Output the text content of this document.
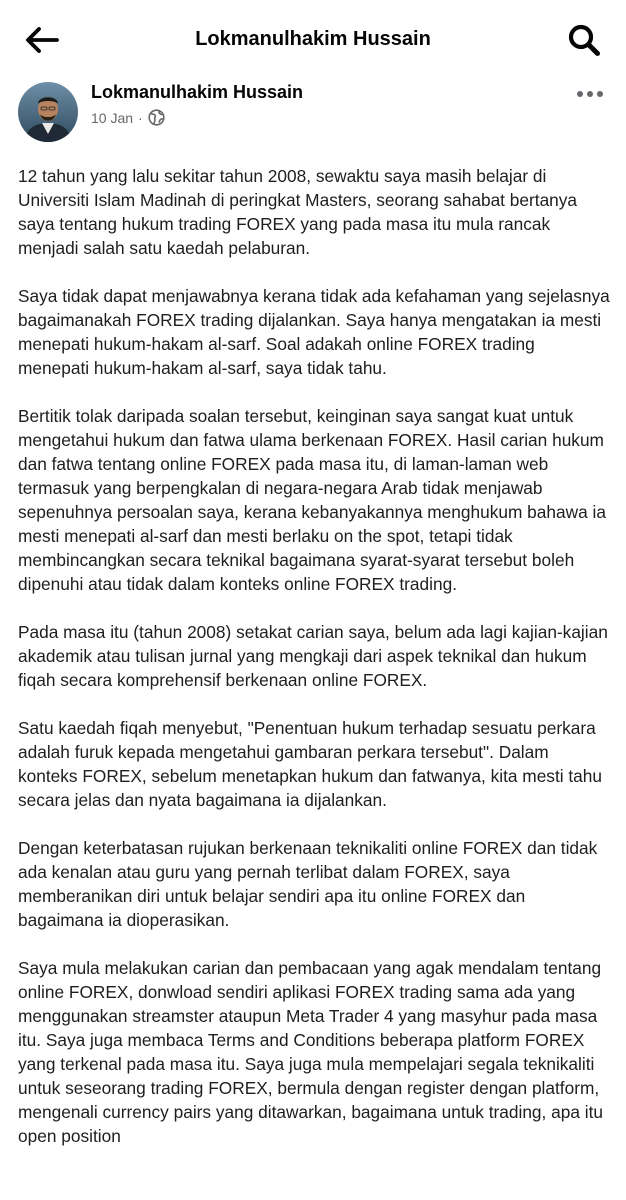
Lokmanulhakim Hussain
Lokmanulhakim Hussain
10 Jan ·

12 tahun yang lalu sekitar tahun 2008, sewaktu saya masih belajar di Universiti Islam Madinah di peringkat Masters, seorang sahabat bertanya saya tentang hukum trading FOREX yang pada masa itu mula rancak menjadi salah satu kaedah pelaburan.

Saya tidak dapat menjawabnya kerana tidak ada kefahaman yang sejelasnya bagaimanakah FOREX trading dijalankan. Saya hanya mengatakan ia mesti menepati hukum-hakam al-sarf. Soal adakah online FOREX trading menepati hukum-hakam al-sarf, saya tidak tahu.

Bertitik tolak daripada soalan tersebut, keinginan saya sangat kuat untuk mengetahui hukum dan fatwa ulama berkenaan FOREX. Hasil carian hukum dan fatwa tentang online FOREX pada masa itu, di laman-laman web termasuk yang berpengkalan di negara-negara Arab tidak menjawab sepenuhnya persoalan saya, kerana kebanyakannya menghukum bahawa ia mesti menepati al-sarf dan mesti berlaku on the spot, tetapi tidak membincangkan secara teknikal bagaimana syarat-syarat tersebut boleh dipenuhi atau tidak dalam konteks online FOREX trading.

Pada masa itu (tahun 2008) setakat carian saya, belum ada lagi kajian-kajian akademik atau tulisan jurnal yang mengkaji dari aspek teknikal dan hukum fiqah secara komprehensif berkenaan online FOREX.

Satu kaedah fiqah menyebut, "Penentuan hukum terhadap sesuatu perkara adalah furuk kepada mengetahui gambaran perkara tersebut". Dalam konteks FOREX, sebelum menetapkan hukum dan fatwanya, kita mesti tahu secara jelas dan nyata bagaimana ia dijalankan.

Dengan keterbatasan rujukan berkenaan teknikaliti online FOREX dan tidak ada kenalan atau guru yang pernah terlibat dalam FOREX, saya memberanikan diri untuk belajar sendiri apa itu online FOREX dan bagaimana ia dioperasikan.

Saya mula melakukan carian dan pembacaan yang agak mendalam tentang online FOREX, donwload sendiri aplikasi FOREX trading sama ada yang menggunakan streamster ataupun Meta Trader 4 yang masyhur pada masa itu. Saya juga membaca Terms and Conditions beberapa platform FOREX yang terkenal pada masa itu. Saya juga mula mempelajari segala teknikaliti untuk seseorang trading FOREX, bermula dengan register dengan platform, mengenali currency pairs yang ditawarkan, bagaimana untuk trading, apa itu open position
